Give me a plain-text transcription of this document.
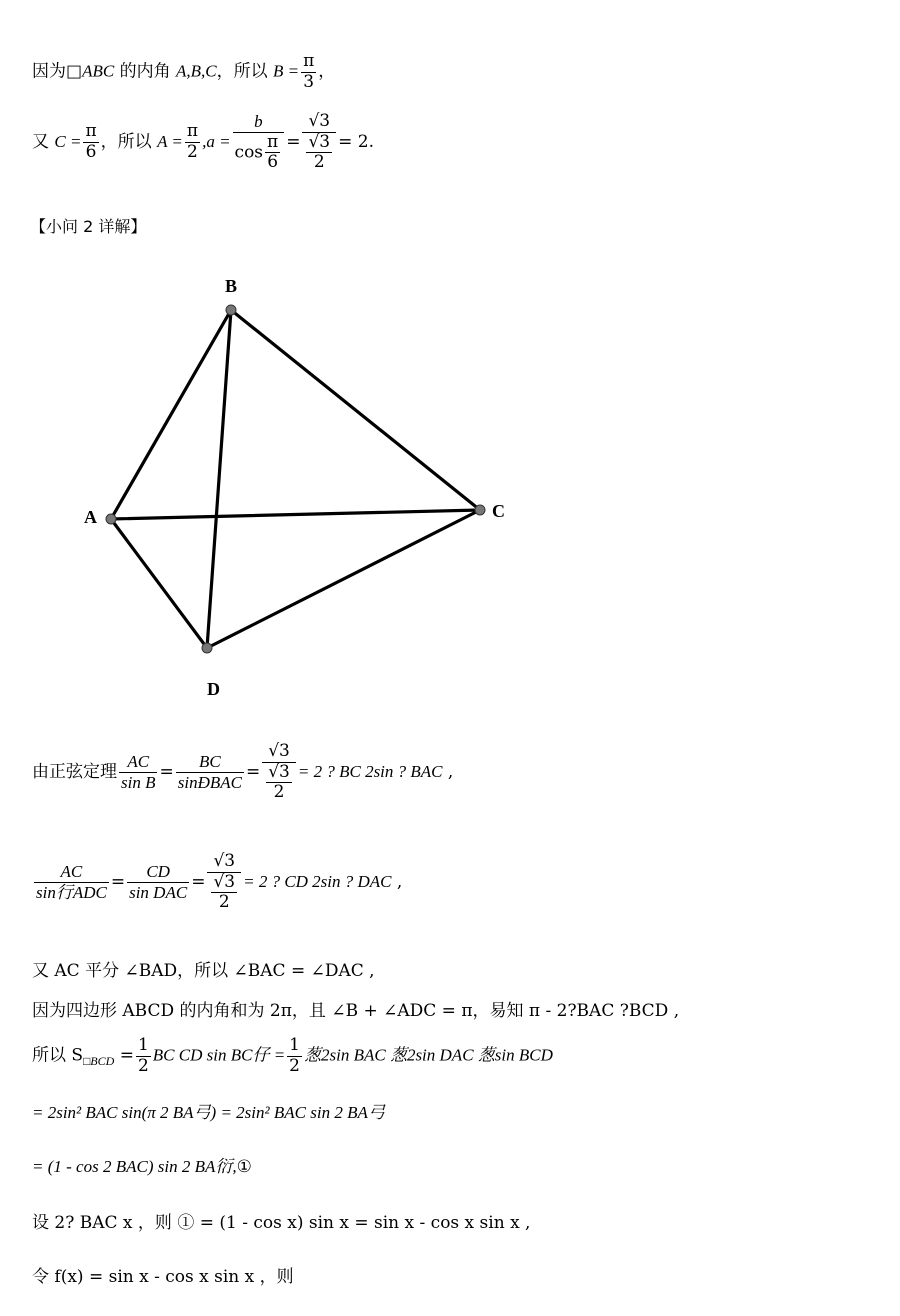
因为□ABC 的内角 A,B,C，所以 $B = \frac{\pi}{3}$ ，
又 $C = \frac{\pi}{6}$ ，所以 $A = \frac{\pi}{2} ,a = \frac{b}{\cos \frac{\pi}{6}} = \frac{√3}{\frac{√3}{2}} = 2$.
【小问 2 详解】
B
A	C
D
由正弦定理 $\frac{AC}{\text{sin B}} = \frac{BC}{\text{sinÐBAC}} = \frac{√3}{\frac{√3}{2}} = 2$ ? BC 2sin ? BAC ,
$\frac{AC}{\text{sin行ADC}} = \frac{CD}{\text{sin DAC}} = \frac{√3}{\frac{√3}{2}} = 2$ ? CD 2sin ? DAC ,
又 AC 平分 ∠BAD，所以 ∠BAC = ∠DAC ,
因为四边形 ABCD 的内角和为 2π，且 ∠B + ∠ADC = π，易知 π - 2?BAC ?BCD ,
所以 $S_{□BCD} = \frac{1}{2}$ BC CD sin BC仔 = $\frac{1}{2}$ 葱2sin BAC 葱2sin DAC 葱sin BCD
= 2sin² BAC sin(π 2 BA弓) = 2sin² BAC sin 2 BA弓
= (1 - cos 2 BAC) sin 2 BA衍,①
设 2? BAC x ，则 ① = (1 - cos x) sin x = sin x - cos x sin x ,
令 f(x) = sin x - cos x sin x ，则
